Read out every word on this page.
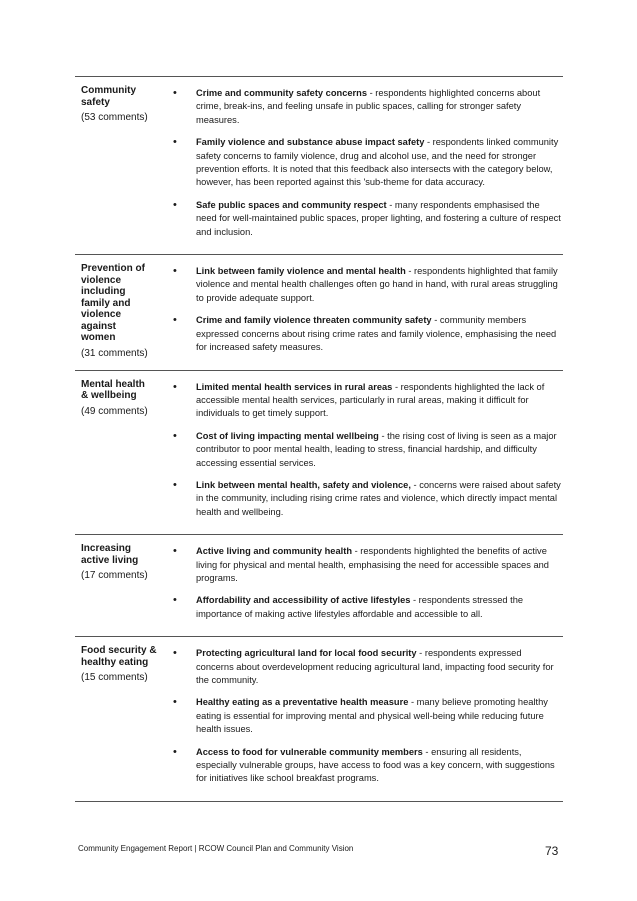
Community safety
(53 comments)
•	Crime and community safety concerns - respondents highlighted concerns about crime, break-ins, and feeling unsafe in public spaces, calling for stronger safety measures.
•	Family violence and substance abuse impact safety - respondents linked community safety concerns to family violence, drug and alcohol use, and the need for stronger prevention efforts. It is noted that this feedback also intersects with the category below, however, has been reported against this 'sub-theme for data accuracy.
•	Safe public spaces and community respect - many respondents emphasised the need for well-maintained public spaces, proper lighting, and fostering a culture of respect and inclusion.
Prevention of violence including family and violence against women
(31 comments)
•	Link between family violence and mental health - respondents highlighted that family violence and mental health challenges often go hand in hand, with rural areas struggling to provide adequate support.
•	Crime and family violence threaten community safety - community members expressed concerns about rising crime rates and family violence, emphasising the need for increased safety measures.
Mental health & wellbeing
(49 comments)
•	Limited mental health services in rural areas - respondents highlighted the lack of accessible mental health services, particularly in rural areas, making it difficult for individuals to get timely support.
•	Cost of living impacting mental wellbeing - the rising cost of living is seen as a major contributor to poor mental health, leading to stress, financial hardship, and difficulty accessing essential services.
•	Link between mental health, safety and violence, - concerns were raised about safety in the community, including rising crime rates and violence, which directly impact mental health and wellbeing.
Increasing active living
(17 comments)
•	Active living and community health - respondents highlighted the benefits of active living for physical and mental health, emphasising the need for accessible spaces and programs.
•	Affordability and accessibility of active lifestyles - respondents stressed the importance of making active lifestyles affordable and accessible to all.
Food security & healthy eating
(15 comments)
•	Protecting agricultural land for local food security - respondents expressed concerns about overdevelopment reducing agricultural land, impacting food security for the community.
•	Healthy eating as a preventative health measure - many believe promoting healthy eating is essential for improving mental and physical well-being while reducing future health issues.
•	Access to food for vulnerable community members - ensuring all residents, especially vulnerable groups, have access to food was a key concern, with suggestions for initiatives like school breakfast programs.
Community Engagement Report | RCOW Council Plan and Community Vision	73
